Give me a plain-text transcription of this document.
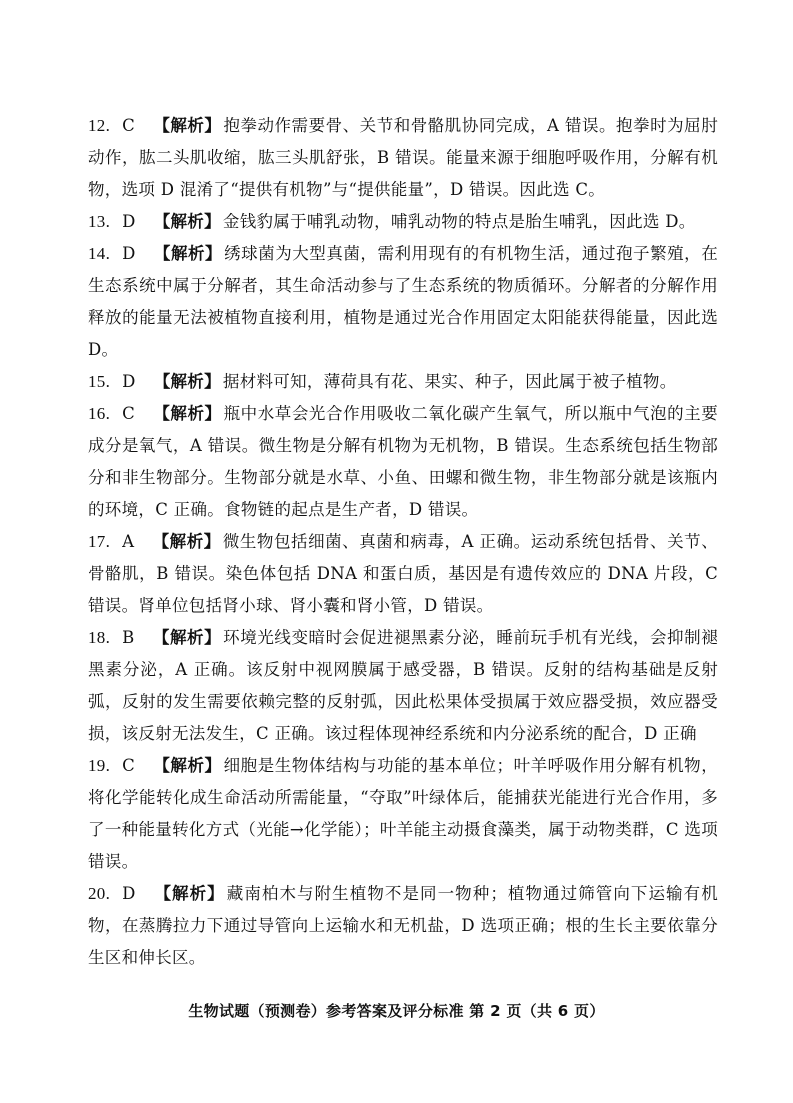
12. C 【解析】 抱拳动作需要骨、关节和骨骼肌协同完成，A 错误。抱拳时为屈肘动作，肱二头肌收缩，肱三头肌舒张，B 错误。能量来源于细胞呼吸作用，分解有机物，选项 D 混淆了“提供有机物”与“提供能量”，D 错误。因此选 C。
13. D 【解析】 金钱豹属于哺乳动物，哺乳动物的特点是胎生哺乳，因此选 D。
14. D 【解析】 绣球菌为大型真菌，需利用现有的有机物生活，通过孢子繁殖，在生态系统中属于分解者，其生命活动参与了生态系统的物质循环。分解者的分解作用释放的能量无法被植物直接利用，植物是通过光合作用固定太阳能获得能量，因此选 D。
15. D 【解析】 据材料可知，薄荷具有花、果实、种子，因此属于被子植物。
16. C 【解析】 瓶中水草会光合作用吸收二氧化碳产生氧气，所以瓶中气泡的主要成分是氧气，A 错误。微生物是分解有机物为无机物，B 错误。生态系统包括生物部分和非生物部分。生物部分就是水草、小鱼、田螺和微生物，非生物部分就是该瓶内的环境，C 正确。食物链的起点是生产者，D 错误。
17. A 【解析】 微生物包括细菌、真菌和病毒，A 正确。运动系统包括骨、关节、骨骼肌，B 错误。染色体包括 DNA 和蛋白质，基因是有遗传效应的 DNA 片段，C 错误。肾单位包括肾小球、肾小囊和肾小管，D 错误。
18. B 【解析】 环境光线变暗时会促进褪黑素分泌，睡前玩手机有光线，会抑制褪黑素分泌，A 正确。该反射中视网膜属于感受器，B 错误。反射的结构基础是反射弧，反射的发生需要依赖完整的反射弧，因此松果体受损属于效应器受损，效应器受损，该反射无法发生，C 正确。该过程体现神经系统和内分泌系统的配合，D 正确
19. C 【解析】 细胞是生物体结构与功能的基本单位；叶羊呼吸作用分解有机物，将化学能转化成生命活动所需能量，“夺取”叶绿体后，能捕获光能进行光合作用，多了一种能量转化方式（光能→化学能）；叶羊能主动摄食藻类，属于动物类群，C 选项错误。
20. D 【解析】 藏南柏木与附生植物不是同一物种；植物通过筛管向下运输有机物，在蒸腾拉力下通过导管向上运输水和无机盐，D 选项正确；根的生长主要依靠分生区和伸长区。
生物试题（预测卷）参考答案及评分标准 第 2 页（共 6 页）
